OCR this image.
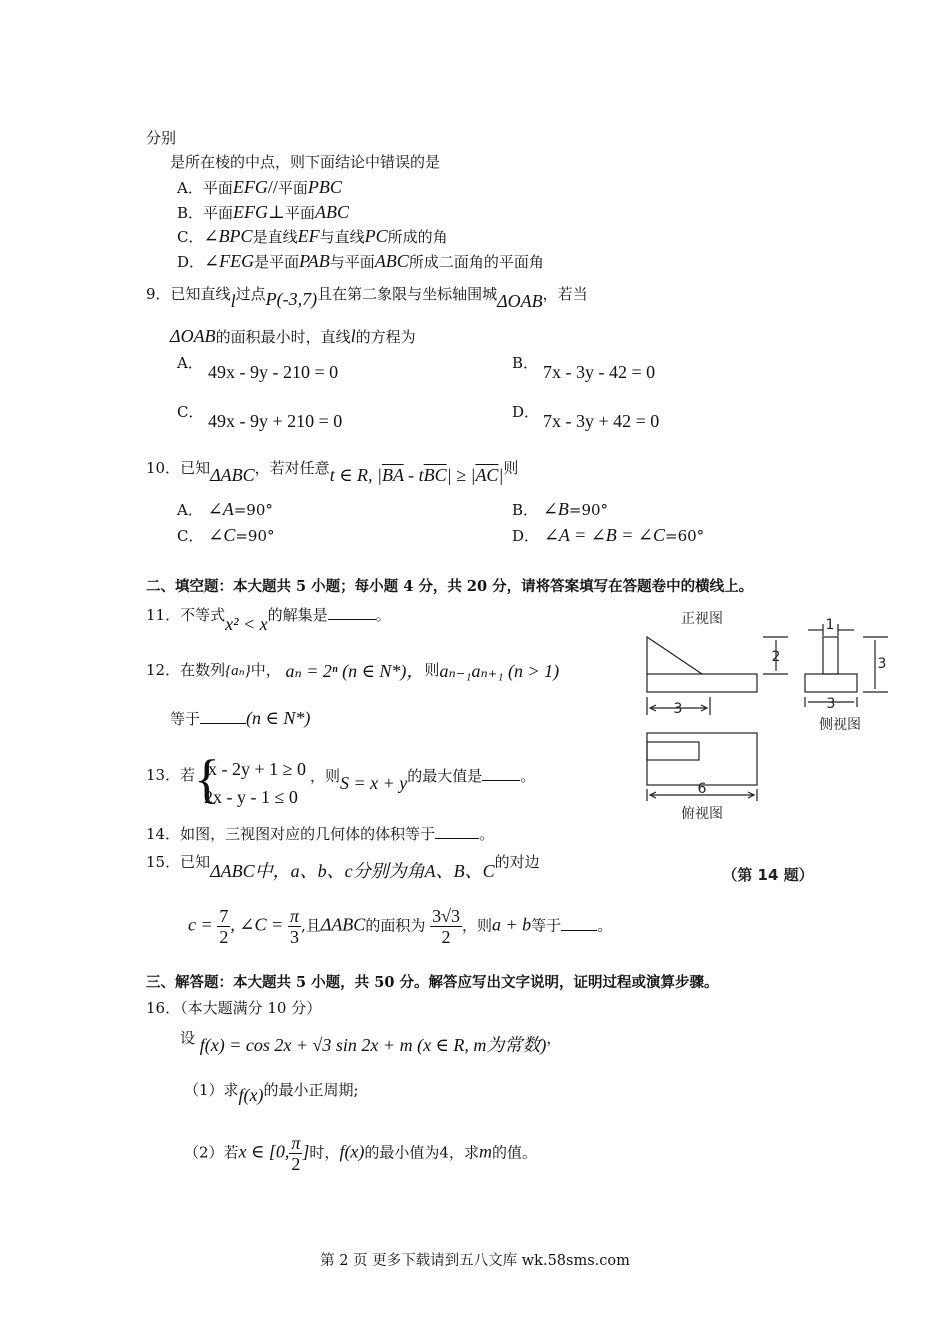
分别
是所在棱的中点，则下面结论中错误的是
A．平面EFG//平面PBC
B．平面EFG⊥平面ABC
C．∠BPC是直线EF与直线PC所成的角
D．∠FEG是平面PAB与平面ABC所成二面角的平面角
9．已知直线l过点P(-3,7)且在第二象限与坐标轴围城ΔOAB，若当
ΔOAB的面积最小时，直线l的方程为
A． 49x - 9y - 210 = 0	B． 7x - 3y - 42 = 0
C． 49x - 9y + 210 = 0	D． 7x - 3y + 42 = 0
10．已知ΔABC，若对任意t ∈ R, $|\overline{BA} - t\overline{BC}| \ge |\overline{AC}|$则
A． ∠A=90°	B． ∠B=90°
C． ∠C=90°	D． ∠A = ∠B = ∠C=60°
二、填空题：本大题共 5 小题；每小题 4 分，共 20 分，请将答案填写在答题卷中的横线上。
11．不等式x² < x的解集是	。
12．在数列{aₙ}中， aₙ = 2ⁿ (n ∈ N*)，则aₙ₋₁aₙ₊₁ (n > 1)
等于	(n ∈ N*)
13．若
{
x - 2y + 1 ≥ 0
2x - y - 1 ≤ 0
，则S = x + y的最大值是	。
14．如图，三视图对应的几何体的体积等于	。
15．已知ΔABC中，a、b、c分别为角A、B、C的对边
$c = \frac{7}{2}$ , ∠C = $\frac{\pi}{3}$ ,且ΔABC的面积为 $\frac{3√3}{2}$ ，则a + b等于 。
三、解答题：本大题共 5 小题，共 50 分。解答应写出文字说明，证明过程或演算步骤。
16．（本大题满分 10 分）
设 f(x) = cos 2x + √3 sin 2x + m (x ∈ R, m为常数)，
（1）求f(x)的最小正周期;
（2）若x ∈ [0, $\frac{\pi}{2}$ ]时，f(x)的最小值为4，求m的值。
正视图
侧视图
俯视图
3
6
1
2	3
3
（第 14 题）
第 2 页 更多下载请到五八文库 wk.58sms.com
